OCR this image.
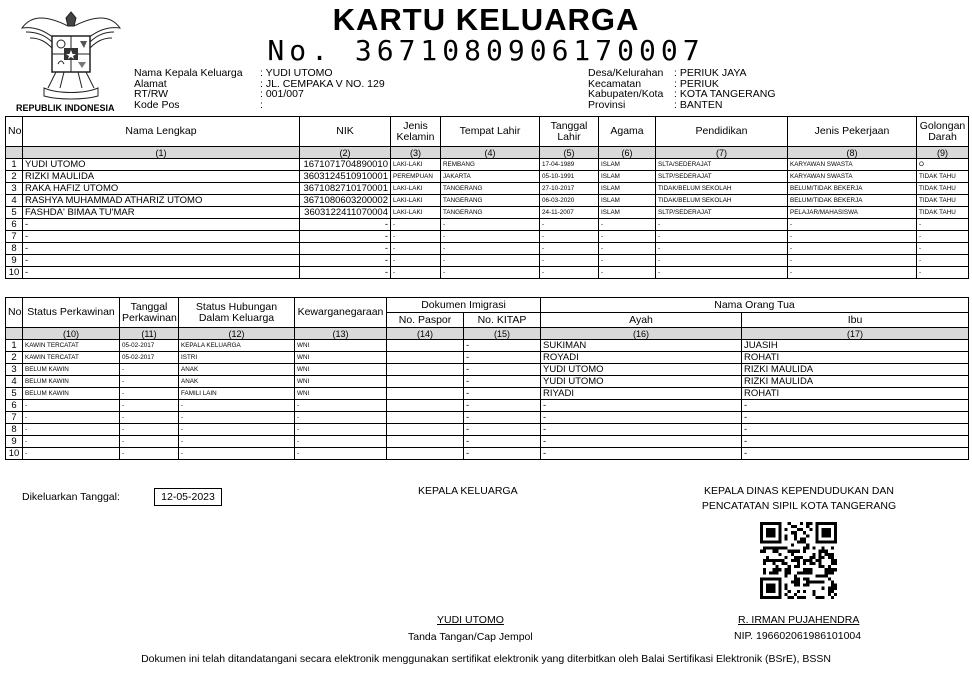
REPUBLIK INDONESIA
KARTU KELUARGA
No. 3671080906170007
Nama Kepala Keluarga	: YUDI UTOMO
Alamat	: JL. CEMPAKA V NO. 129
RT/RW	: 001/007
Kode Pos	:
Desa/Kelurahan	: PERIUK JAYA
Kecamatan	: PERIUK
Kabupaten/Kota	: KOTA TANGERANG
Provinsi	: BANTEN
No	Nama Lengkap	NIK	Jenis Kelamin	Tempat Lahir	Tanggal Lahir	Agama	Pendidikan	Jenis Pekerjaan	Golongan Darah
	(1)	(2)	(3)	(4)	(5)	(6)	(7)	(8)	(9)
1	YUDI UTOMO	1671071704890010	LAKI-LAKI	REMBANG	17-04-1989	ISLAM	SLTA/SEDERAJAT	KARYAWAN SWASTA	O
2	RIZKI MAULIDA	3603124510910001	PEREMPUAN	JAKARTA	05-10-1991	ISLAM	SLTP/SEDERAJAT	KARYAWAN SWASTA	TIDAK TAHU
3	RAKA HAFIZ UTOMO	3671082710170001	LAKI-LAKI	TANGERANG	27-10-2017	ISLAM	TIDAK/BELUM SEKOLAH	BELUM/TIDAK BEKERJA	TIDAK TAHU
4	RASHYA MUHAMMAD ATHARIZ UTOMO	3671080603200002	LAKI-LAKI	TANGERANG	06-03-2020	ISLAM	TIDAK/BELUM SEKOLAH	BELUM/TIDAK BEKERJA	TIDAK TAHU
5	FASHDA' BIMAA TU'MAR	3603122411070004	LAKI-LAKI	TANGERANG	24-11-2007	ISLAM	SLTP/SEDERAJAT	PELAJAR/MAHASISWA	TIDAK TAHU
6	-	-	-	-	-	-	-	-	-
7	-	-	-	-	-	-	-	-	-
8	-	-	-	-	-	-	-	-	-
9	-	-	-	-	-	-	-	-	-
10	-	-	-	-	-	-	-	-	-
No	Status Perkawinan	Tanggal Perkawinan	Status Hubungan Dalam Keluarga	Kewarganegaraan	Dokumen Imigrasi		Nama Orang Tua	
					No. Paspor	No. KITAP	Ayah	Ibu
	(10)	(11)	(12)	(13)	(14)	(15)	(16)	(17)
1	KAWIN TERCATAT	05-02-2017	KEPALA KELUARGA	WNI		-	SUKIMAN	JUASIH
2	KAWIN TERCATAT	05-02-2017	ISTRI	WNI		-	ROYADI	ROHATI
3	BELUM KAWIN	-	ANAK	WNI		-	YUDI UTOMO	RIZKI MAULIDA
4	BELUM KAWIN	-	ANAK	WNI		-	YUDI UTOMO	RIZKI MAULIDA
5	BELUM KAWIN	-	FAMILI LAIN	WNI		-	RIYADI	ROHATI
6	-	-	-	-		-	-	-
7	-	-	-	-		-	-	-
8	-	-	-	-		-	-	-
9	-	-	-	-		-	-	-
10	-	-	-	-		-	-	-
Dikeluarkan Tanggal:	12-05-2023	KEPALA KELUARGA	KEPALA DINAS KEPENDUDUKAN DAN
PENCATATAN SIPIL KOTA TANGERANG
YUDI UTOMO
Tanda Tangan/Cap Jempol
R. IRMAN PUJAHENDRA
NIP. 196602061986101004
Dokumen ini telah ditandatangani secara elektronik menggunakan sertifikat elektronik yang diterbitkan oleh Balai Sertifikasi Elektronik (BSrE), BSSN
